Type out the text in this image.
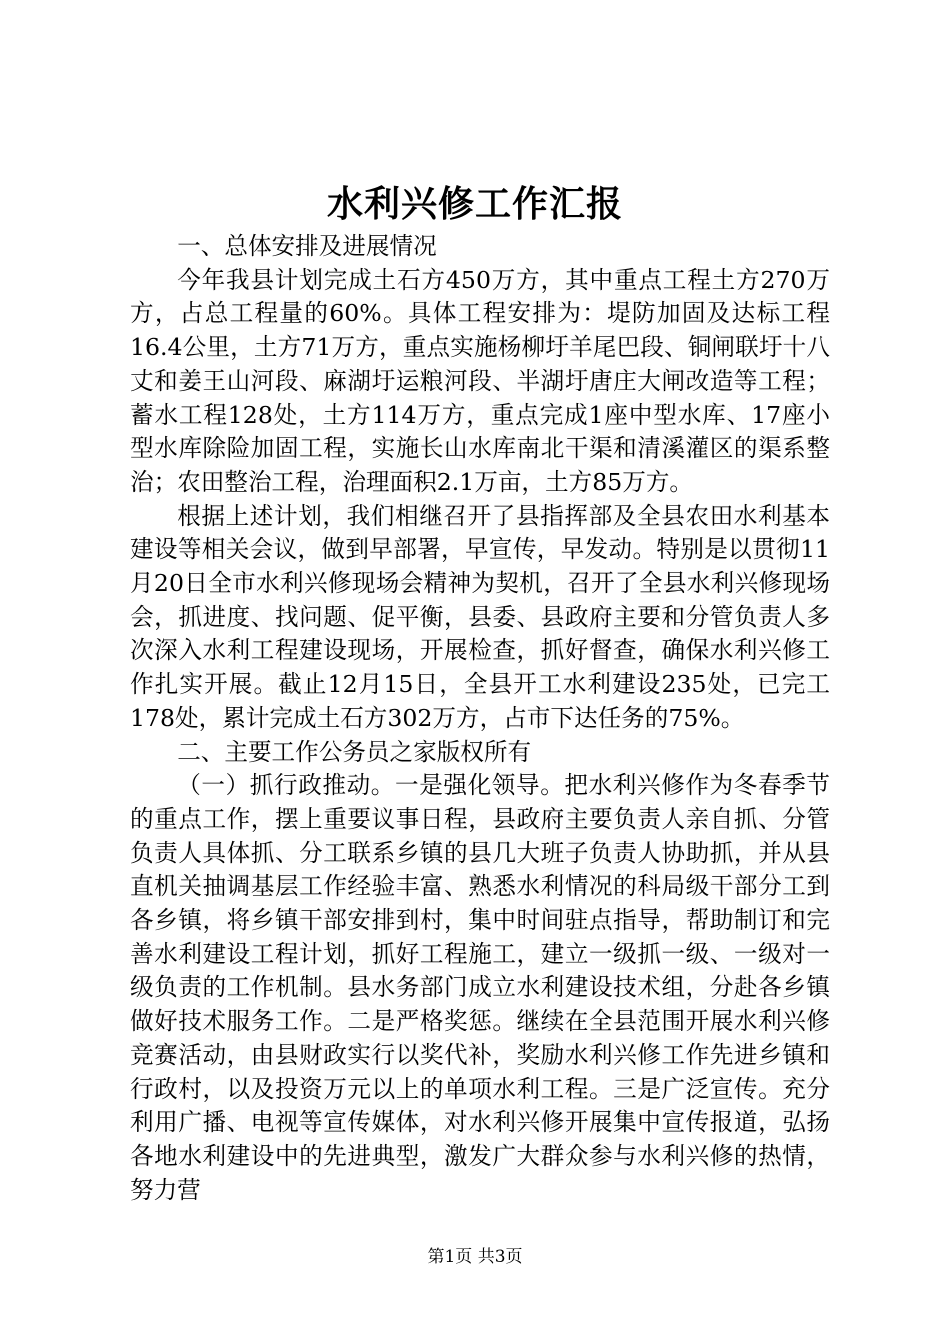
水利兴修工作汇报

一、总体安排及进展情况

今年我县计划完成土石方450万方，其中重点工程土方270万方，占总工程量的60%。具体工程安排为：堤防加固及达标工程16.4公里，土方71万方，重点实施杨柳圩羊尾巴段、铜闸联圩十八丈和姜王山河段、麻湖圩运粮河段、半湖圩唐庄大闸改造等工程；蓄水工程128处，土方114万方，重点完成1座中型水库、17座小型水库除险加固工程，实施长山水库南北干渠和清溪灌区的渠系整治；农田整治工程，治理面积2.1万亩，土方85万方。

根据上述计划，我们相继召开了县指挥部及全县农田水利基本建设等相关会议，做到早部署，早宣传，早发动。特别是以贯彻11月20日全市水利兴修现场会精神为契机，召开了全县水利兴修现场会，抓进度、找问题、促平衡，县委、县政府主要和分管负责人多次深入水利工程建设现场，开展检查，抓好督查，确保水利兴修工作扎实开展。截止12月15日，全县开工水利建设235处，已完工178处，累计完成土石方302万方，占市下达任务的75%。

二、主要工作公务员之家版权所有

（一）抓行政推动。一是强化领导。把水利兴修作为冬春季节的重点工作，摆上重要议事日程，县政府主要负责人亲自抓、分管负责人具体抓、分工联系乡镇的县几大班子负责人协助抓，并从县直机关抽调基层工作经验丰富、熟悉水利情况的科局级干部分工到各乡镇，将乡镇干部安排到村，集中时间驻点指导，帮助制订和完善水利建设工程计划，抓好工程施工，建立一级抓一级、一级对一级负责的工作机制。县水务部门成立水利建设技术组，分赴各乡镇做好技术服务工作。二是严格奖惩。继续在全县范围开展水利兴修竞赛活动，由县财政实行以奖代补，奖励水利兴修工作先进乡镇和行政村，以及投资万元以上的单项水利工程。三是广泛宣传。充分利用广播、电视等宣传媒体，对水利兴修开展集中宣传报道，弘扬各地水利建设中的先进典型，激发广大群众参与水利兴修的热情，努力营

第1页 共3页
